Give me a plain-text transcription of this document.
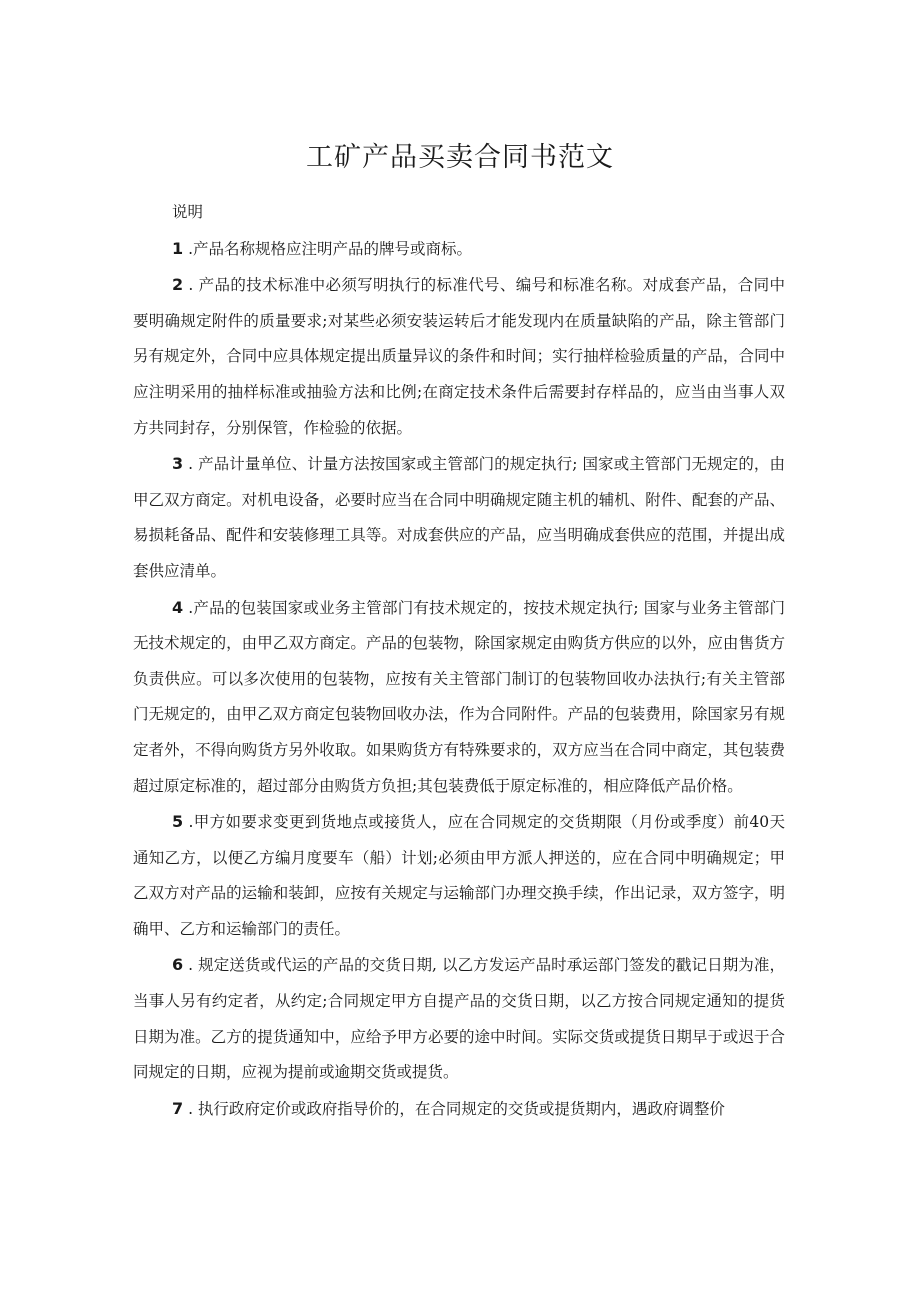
工矿产品买卖合同书范文

说明

1 .产品名称规格应注明产品的牌号或商标。

2 . 产品的技术标准中必须写明执行的标准代号、编号和标准名称。对成套产品，合同中要明确规定附件的质量要求;对某些必须安装运转后才能发现内在质量缺陷的产品，除主管部门另有规定外，合同中应具体规定提出质量异议的条件和时间；实行抽样检验质量的产品，合同中应注明采用的抽样标准或抽验方法和比例;在商定技术条件后需要封存样品的，应当由当事人双方共同封存，分别保管，作检验的依据。

3 . 产品计量单位、计量方法按国家或主管部门的规定执行; 国家或主管部门无规定的，由甲乙双方商定。对机电设备，必要时应当在合同中明确规定随主机的辅机、附件、配套的产品、易损耗备品、配件和安装修理工具等。对成套供应的产品，应当明确成套供应的范围，并提出成套供应清单。

4 .产品的包装国家或业务主管部门有技术规定的，按技术规定执行; 国家与业务主管部门无技术规定的，由甲乙双方商定。产品的包装物，除国家规定由购货方供应的以外，应由售货方负责供应。可以多次使用的包装物，应按有关主管部门制订的包装物回收办法执行;有关主管部门无规定的，由甲乙双方商定包装物回收办法，作为合同附件。产品的包装费用，除国家另有规定者外，不得向购货方另外收取。如果购货方有特殊要求的，双方应当在合同中商定，其包装费超过原定标准的，超过部分由购货方负担;其包装费低于原定标准的，相应降低产品价格。

5 .甲方如要求变更到货地点或接货人，应在合同规定的交货期限（月份或季度）前40天通知乙方，以便乙方编月度要车（船）计划;必须由甲方派人押送的，应在合同中明确规定；甲乙双方对产品的运输和装卸，应按有关规定与运输部门办理交换手续，作出记录，双方签字，明确甲、乙方和运输部门的责任。

6 . 规定送货或代运的产品的交货日期, 以乙方发运产品时承运部门签发的戳记日期为准，当事人另有约定者，从约定;合同规定甲方自提产品的交货日期，以乙方按合同规定通知的提货日期为准。乙方的提货通知中，应给予甲方必要的途中时间。实际交货或提货日期早于或迟于合同规定的日期，应视为提前或逾期交货或提货。

7 . 执行政府定价或政府指导价的，在合同规定的交货或提货期内，遇政府调整价
